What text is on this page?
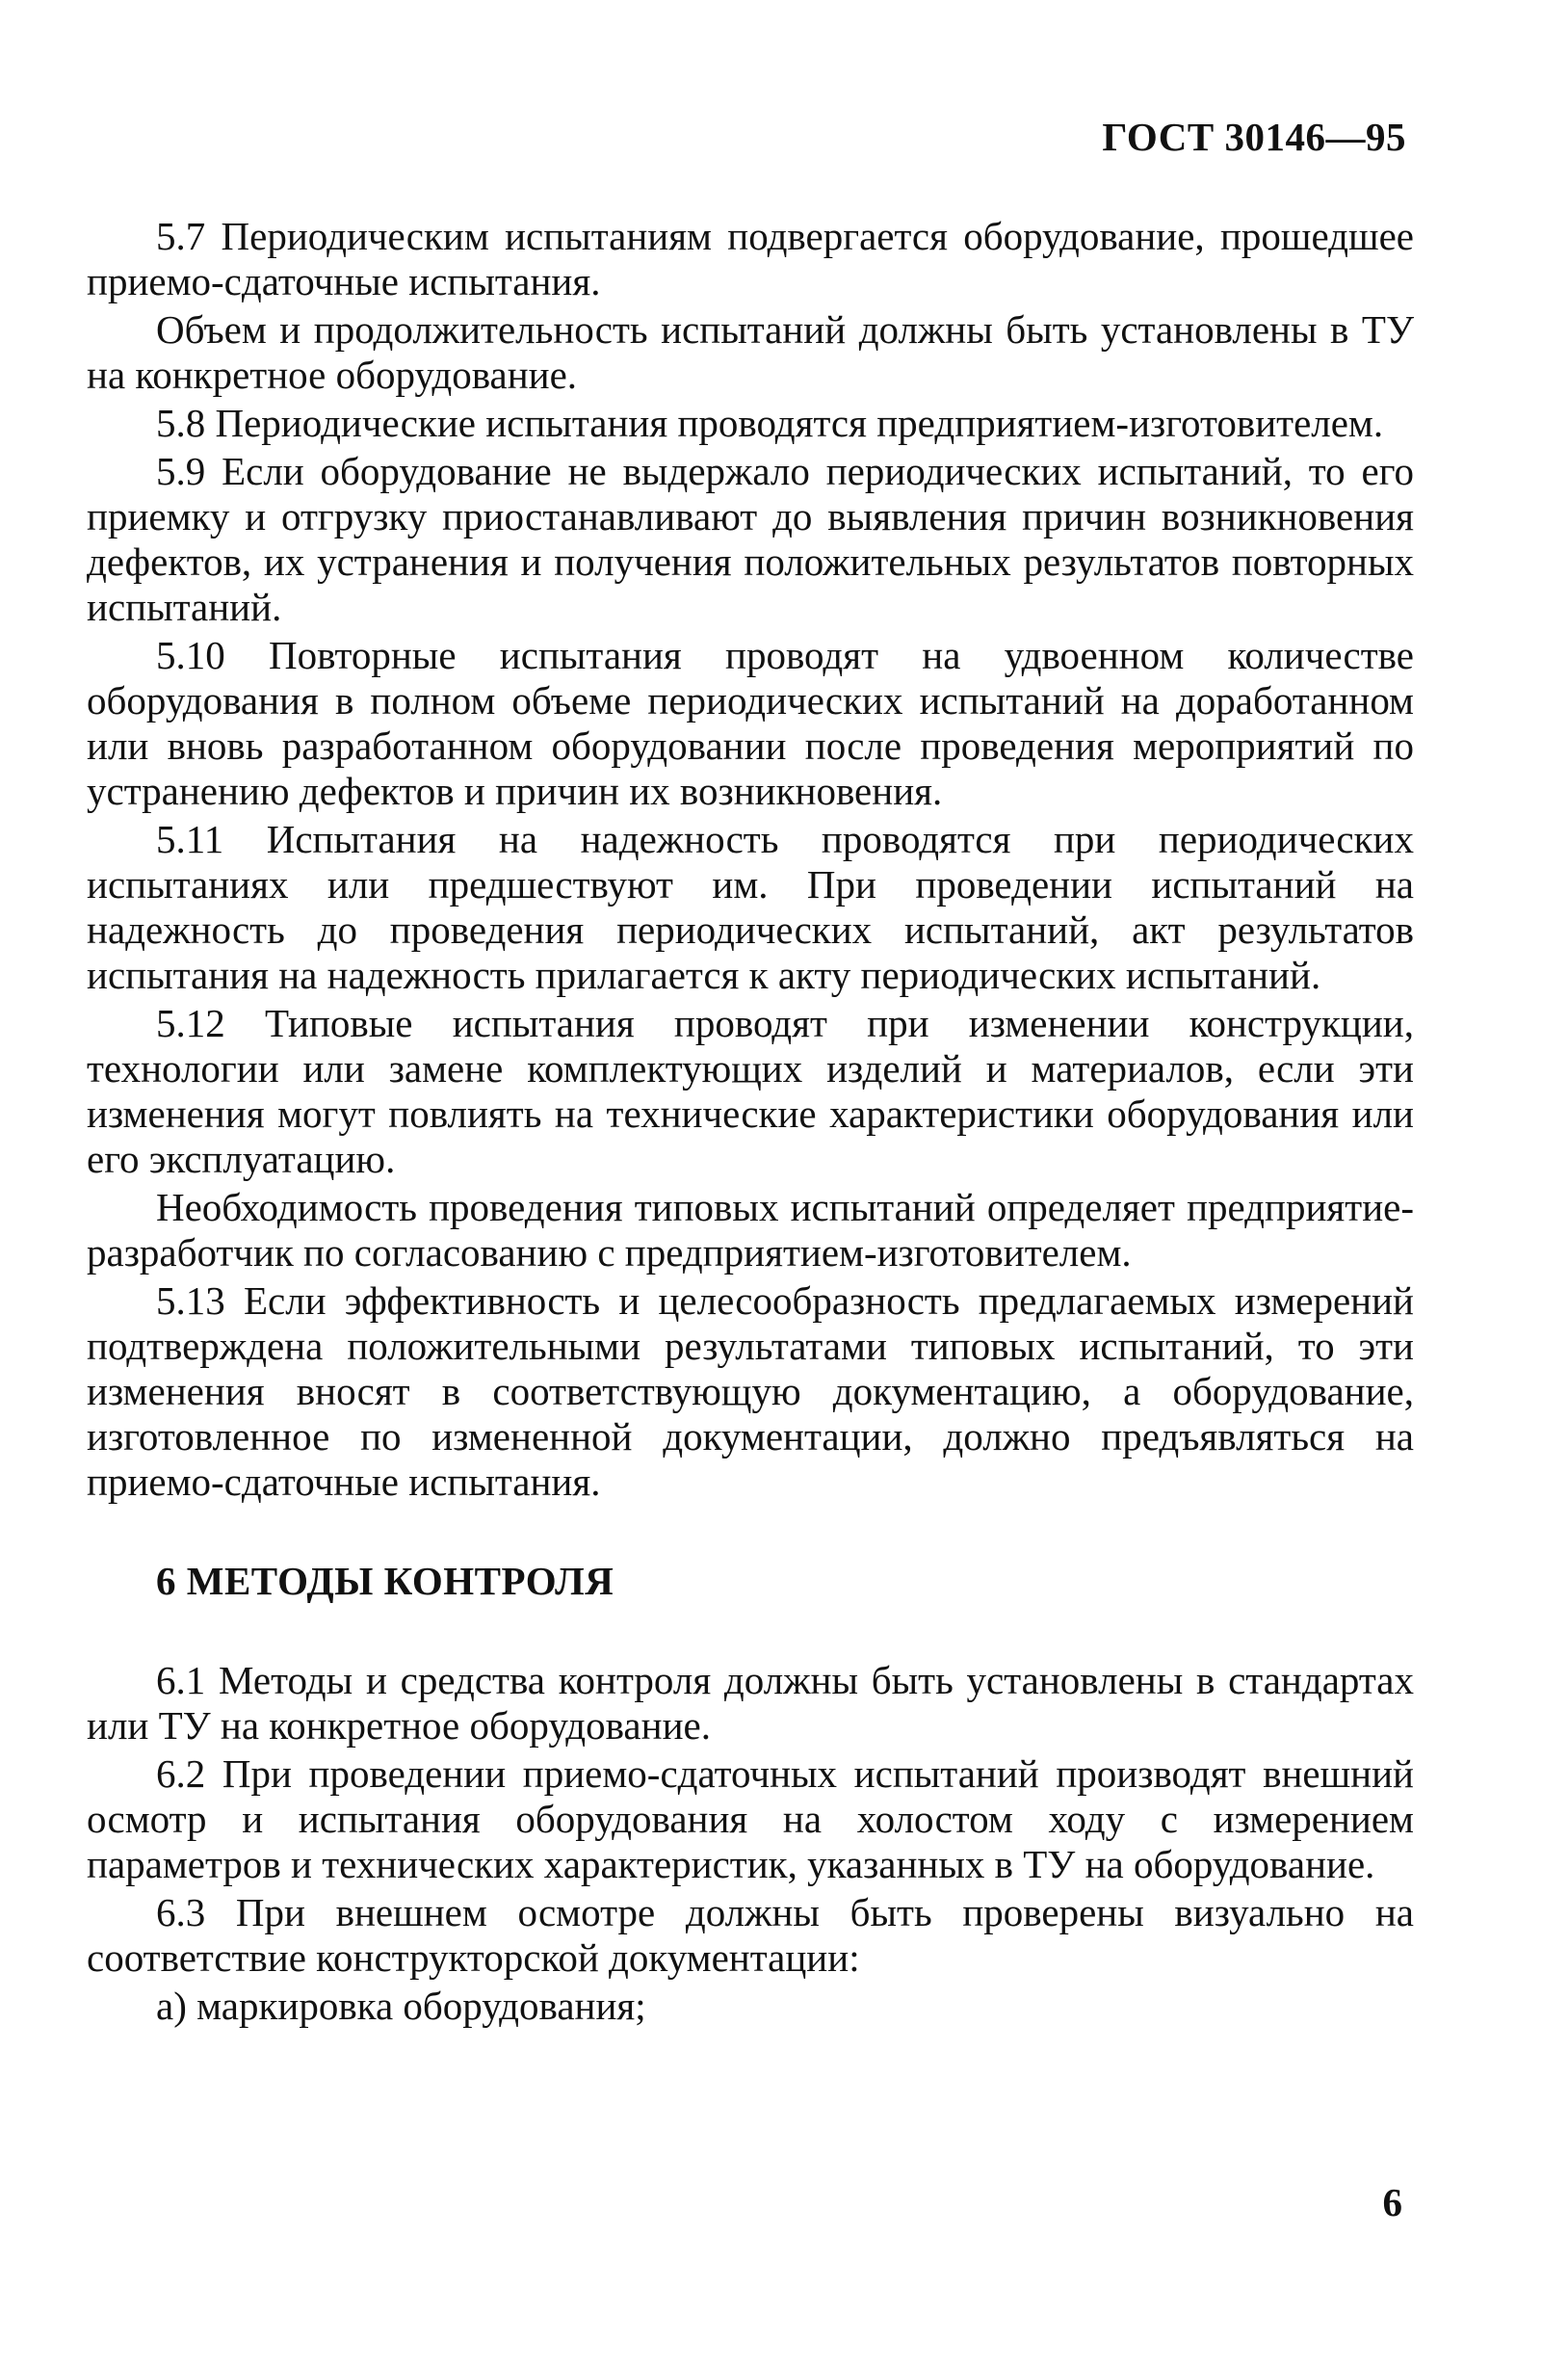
ГОСТ 30146—95

5.7 Периодическим испытаниям подвергается оборудование, прошедшее приемо-сдаточные испытания.

Объем и продолжительность испытаний должны быть установлены в ТУ на конкретное оборудование.

5.8 Периодические испытания проводятся предприятием-изготовителем.

5.9 Если оборудование не выдержало периодических испытаний, то его приемку и отгрузку приостанавливают до выявления причин возникновения дефектов, их устранения и получения положительных результатов повторных испытаний.

5.10 Повторные испытания проводят на удвоенном количестве оборудования в полном объеме периодических испытаний на доработанном или вновь разработанном оборудовании после проведения мероприятий по устранению дефектов и причин их возникновения.

5.11 Испытания на надежность проводятся при периодических испытаниях или предшествуют им. При проведении испытаний на надежность до проведения периодических испытаний, акт результатов испытания на надежность прилагается к акту периодических испытаний.

5.12 Типовые испытания проводят при изменении конструкции, технологии или замене комплектующих изделий и материалов, если эти изменения могут повлиять на технические характеристики оборудования или его эксплуатацию.

Необходимость проведения типовых испытаний определяет предприятие-разработчик по согласованию с предприятием-изготовителем.

5.13 Если эффективность и целесообразность предлагаемых измерений подтверждена положительными результатами типовых испытаний, то эти изменения вносят в соответствующую документацию, а оборудование, изготовленное по измененной документации, должно предъявляться на приемо-сдаточные испытания.

6 МЕТОДЫ КОНТРОЛЯ

6.1 Методы и средства контроля должны быть установлены в стандартах или ТУ на конкретное оборудование.

6.2 При проведении приемо-сдаточных испытаний производят внешний осмотр и испытания оборудования на холостом ходу с измерением параметров и технических характеристик, указанных в ТУ на оборудование.

6.3 При внешнем осмотре должны быть проверены визуально на соответствие конструкторской документации:

а) маркировка оборудования;

6
